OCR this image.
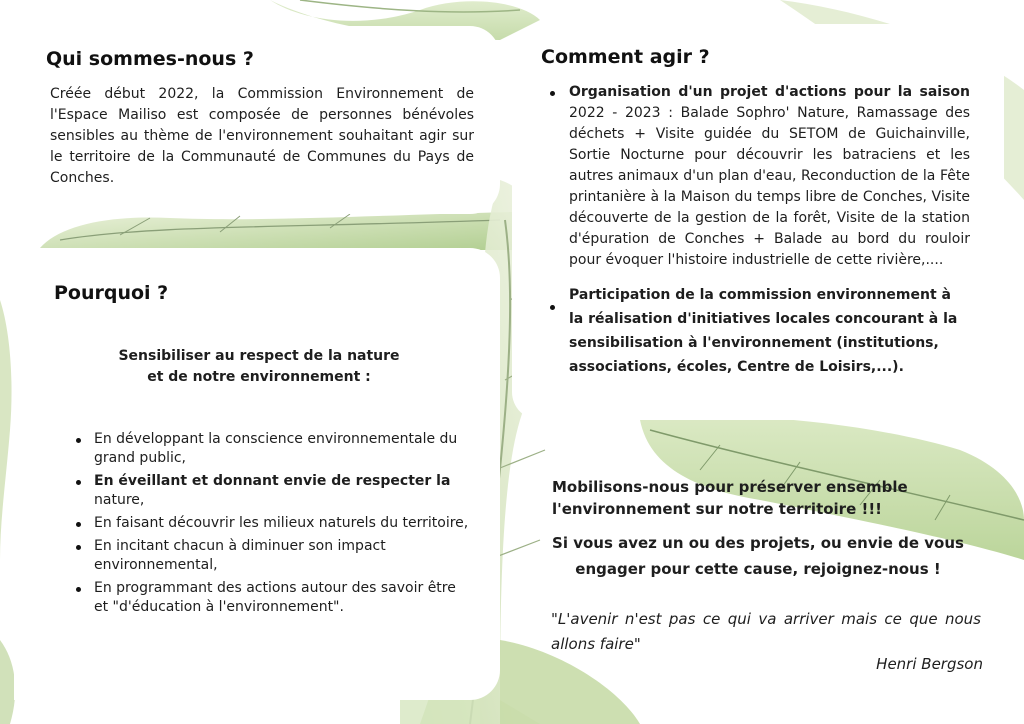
Qui sommes-nous ?

Créée début 2022, la Commission Environnement de l'Espace Mailiso est composée de personnes bénévoles sensibles au thème de l'environnement souhaitant agir sur le territoire de la Communauté de Communes du Pays de Conches.

Pourquoi ?

Sensibiliser au respect de la nature
et de notre environnement :

En développant la conscience environnementale du grand public,
En éveillant et donnant envie de respecter la
nature,
En faisant découvrir les milieux naturels du territoire,
En incitant chacun à diminuer son impact environnemental,
En programmant des actions autour des savoir être et "d'éducation à l'environnement".
Comment agir ?
Organisation d'un projet d'actions pour la saison 2022 - 2023 : Balade Sophro' Nature, Ramassage des déchets + Visite guidée du SETOM de Guichainville, Sortie Nocturne pour découvrir les batraciens et les autres animaux d'un plan d'eau, Reconduction de la Fête printanière à la Maison du temps libre de Conches, Visite découverte de la gestion de la forêt, Visite de la station d'épuration de Conches + Balade au bord du rouloir pour évoquer l'histoire industrielle de cette rivière,....
Participation de la commission environnement à la réalisation d'initiatives locales concourant à la sensibilisation à l'environnement (institutions, associations, écoles, Centre de Loisirs,...).

Mobilisons-nous pour préserver ensemble l'environnement sur notre territoire !!!

Si vous avez un ou des projets, ou envie de vous engager pour cette cause, rejoignez-nous !

"L'avenir n'est pas ce qui va arriver mais ce que nous allons faire"

Henri Bergson
